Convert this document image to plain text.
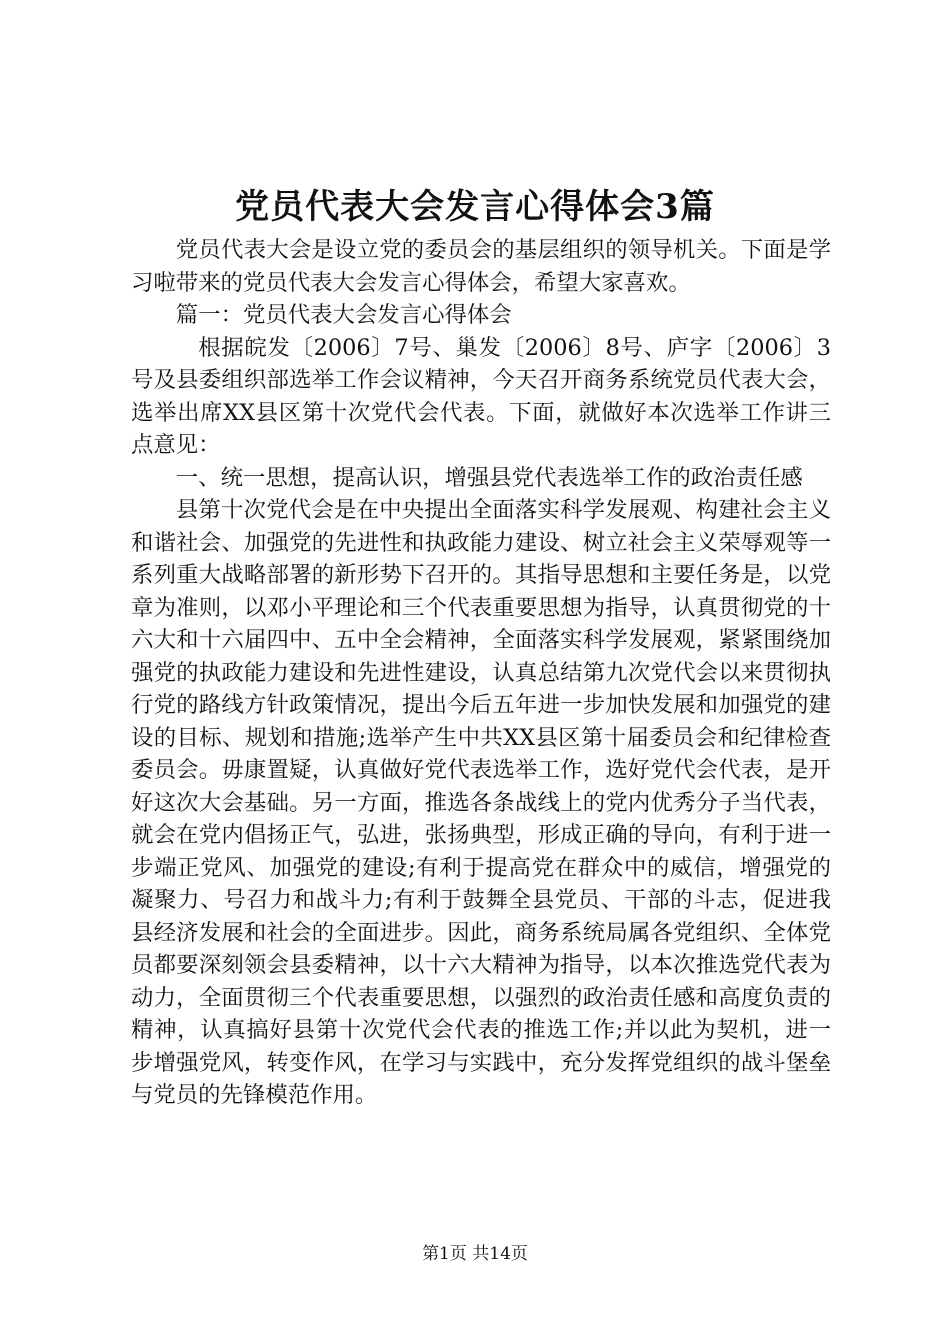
党员代表大会发言心得体会3篇

党员代表大会是设立党的委员会的基层组织的领导机关。下面是学习啦带来的党员代表大会发言心得体会，希望大家喜欢。

篇一：党员代表大会发言心得体会

根据皖发〔2006〕7号、巢发〔2006〕8号、庐字〔2006〕3号及县委组织部选举工作会议精神，今天召开商务系统党员代表大会，选举出席XX县区第十次党代会代表。下面，就做好本次选举工作讲三点意见：

一、统一思想，提高认识，增强县党代表选举工作的政治责任感

县第十次党代会是在中央提出全面落实科学发展观、构建社会主义和谐社会、加强党的先进性和执政能力建设、树立社会主义荣辱观等一系列重大战略部署的新形势下召开的。其指导思想和主要任务是，以党章为准则，以邓小平理论和三个代表重要思想为指导，认真贯彻党的十六大和十六届四中、五中全会精神，全面落实科学发展观，紧紧围绕加强党的执政能力建设和先进性建设，认真总结第九次党代会以来贯彻执行党的路线方针政策情况，提出今后五年进一步加快发展和加强党的建设的目标、规划和措施;选举产生中共XX县区第十届委员会和纪律检查委员会。毋康置疑，认真做好党代表选举工作，选好党代会代表，是开好这次大会基础。另一方面，推选各条战线上的党内优秀分子当代表，就会在党内倡扬正气，弘进，张扬典型，形成正确的导向，有利于进一步端正党风、加强党的建设;有利于提高党在群众中的威信，增强党的凝聚力、号召力和战斗力;有利于鼓舞全县党员、干部的斗志，促进我县经济发展和社会的全面进步。因此，商务系统局属各党组织、全体党员都要深刻领会县委精神，以十六大精神为指导，以本次推选党代表为动力，全面贯彻三个代表重要思想，以强烈的政治责任感和高度负责的精神，认真搞好县第十次党代会代表的推选工作;并以此为契机，进一步增强党风，转变作风，在学习与实践中，充分发挥党组织的战斗堡垒与党员的先锋模范作用。

第1页 共14页
